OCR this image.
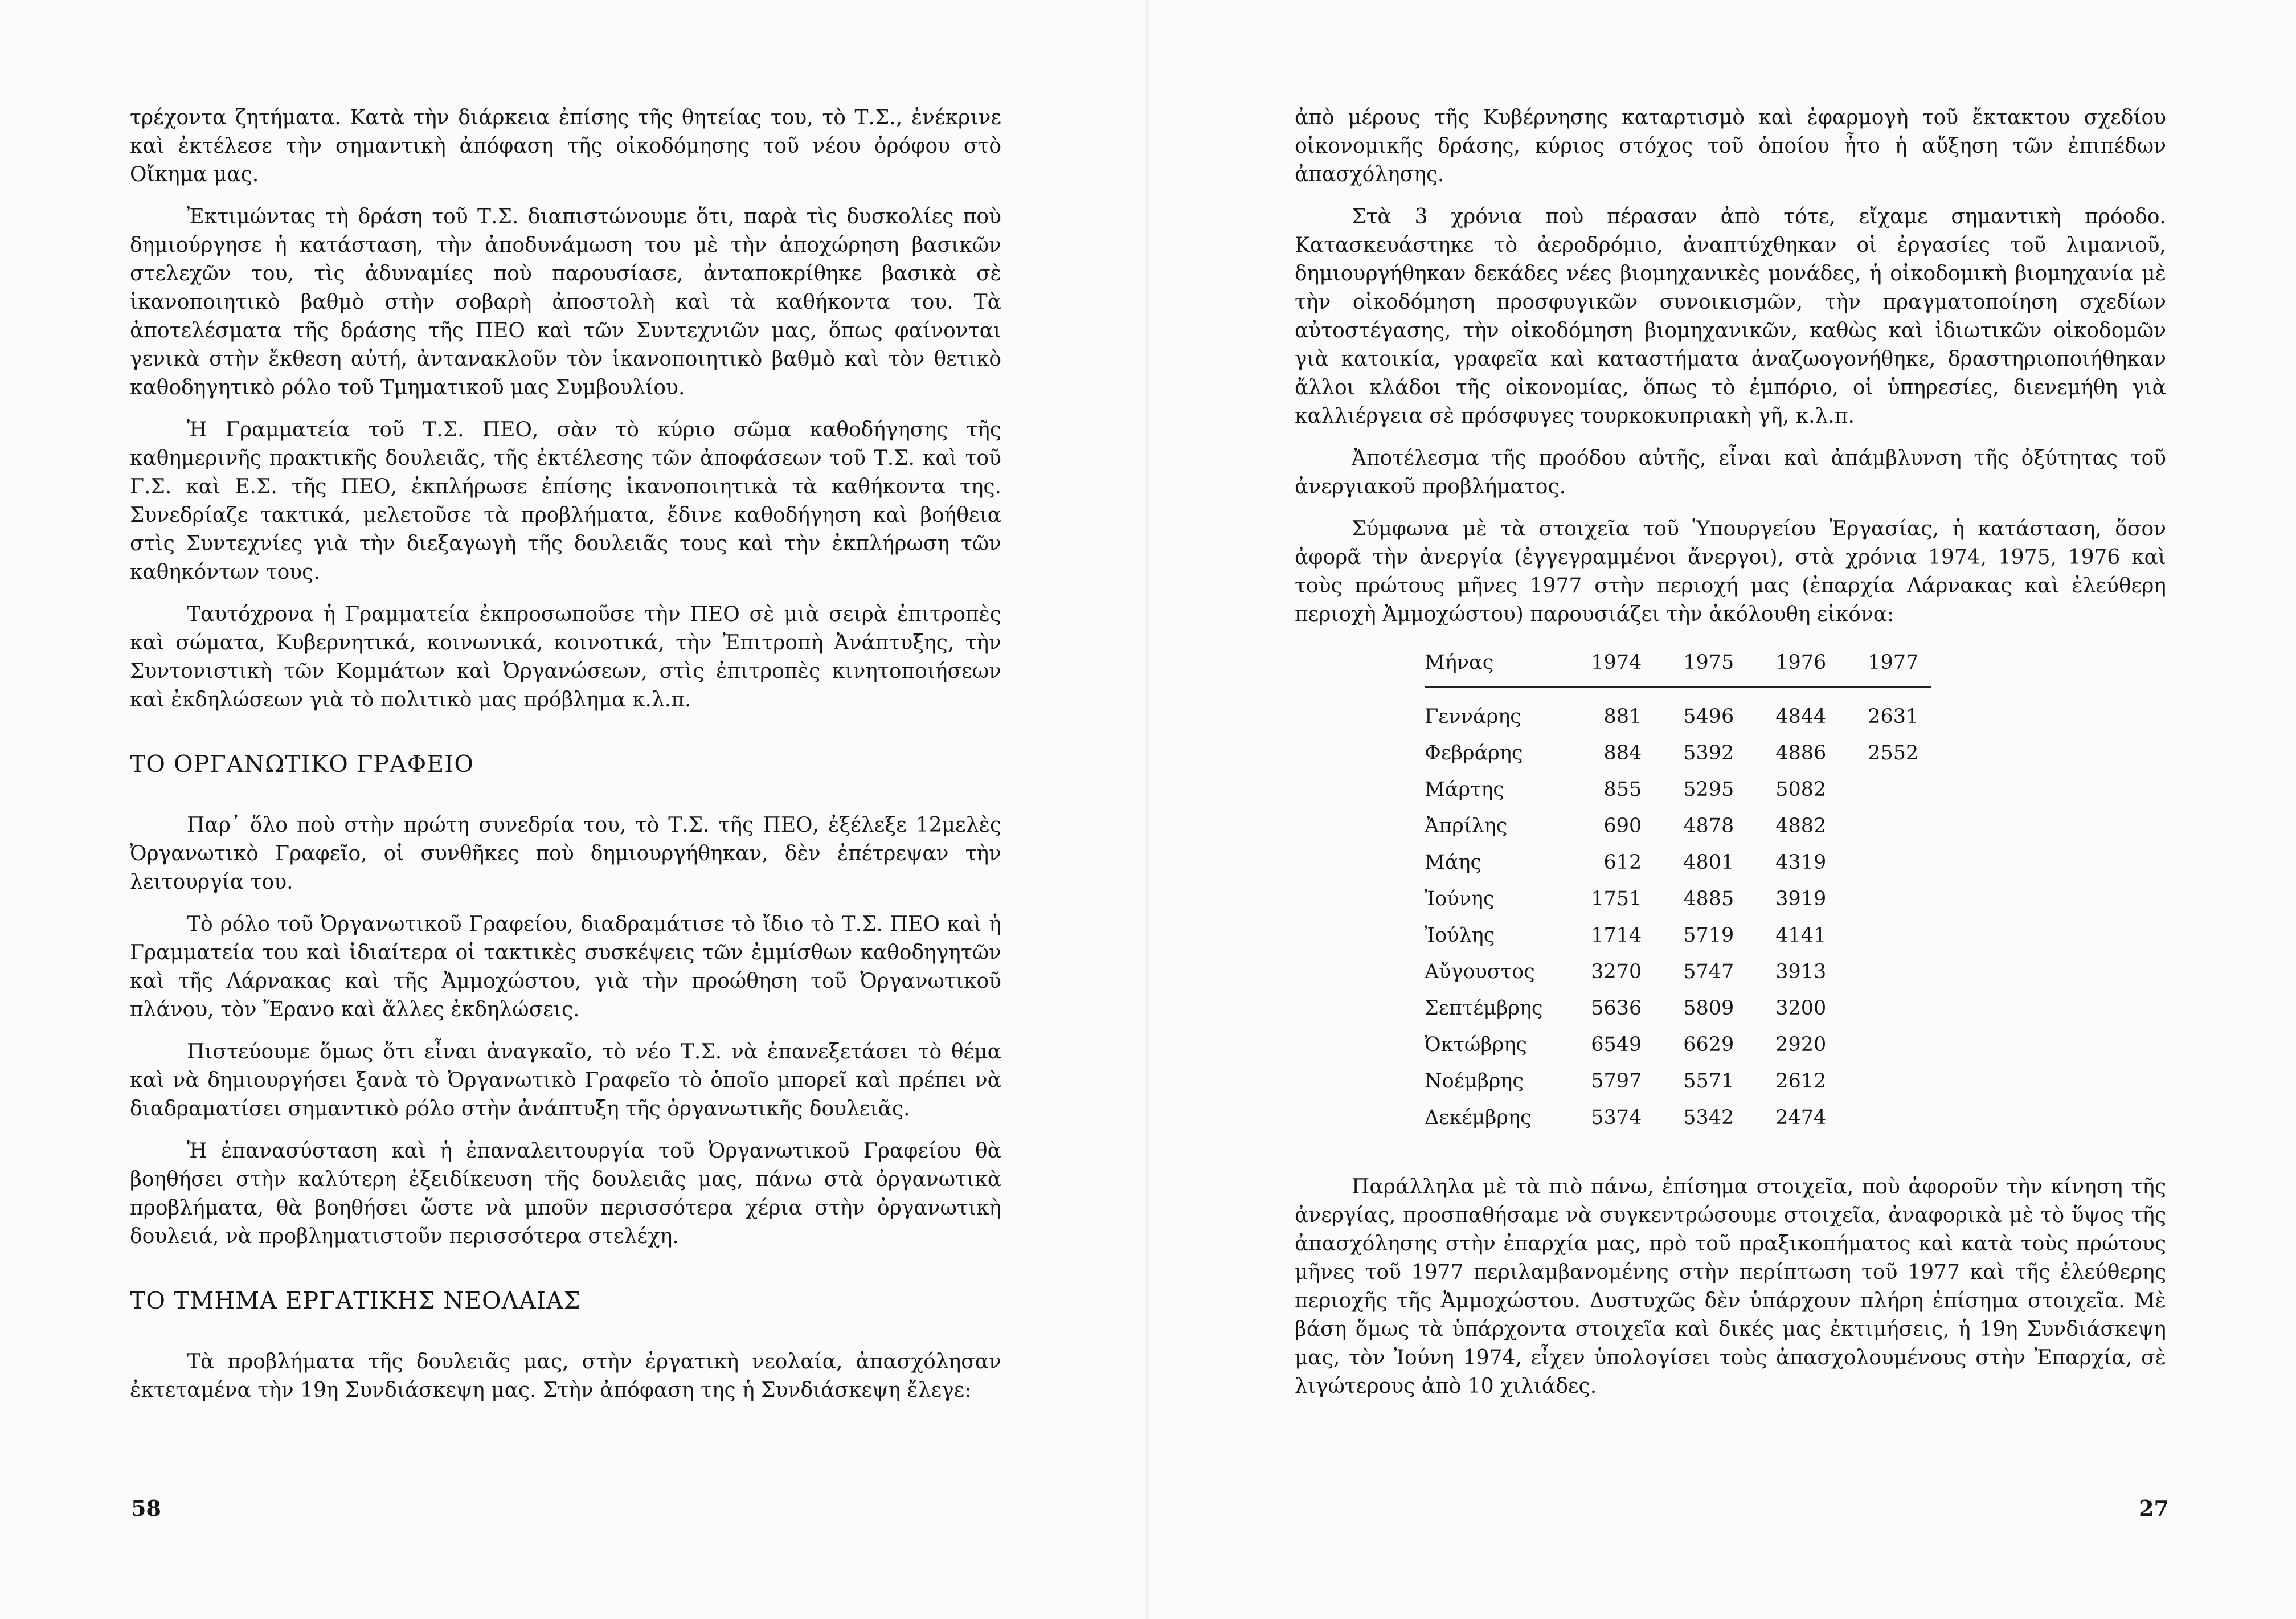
τρέχοντα ζητήματα. Κατὰ τὴν διάρκεια ἐπίσης τῆς θητείας του, τὸ Τ.Σ., ἐνέκρινε καὶ ἐκτέλεσε τὴν σημαντικὴ ἀπόφαση τῆς οἰκοδόμησης τοῦ νέου ὀρόφου στὸ Οἴκημα μας.

Ἐκτιμώντας τὴ δράση τοῦ Τ.Σ. διαπιστώνουμε ὅτι, παρὰ τὶς δυσκολίες ποὺ δημιούργησε ἡ κατάσταση, τὴν ἀποδυνάμωση του μὲ τὴν ἀποχώρηση βασικῶν στελεχῶν του, τὶς ἀδυναμίες ποὺ παρουσίασε, ἀνταποκρίθηκε βασικὰ σὲ ἱκανοποιητικὸ βαθμὸ στὴν σοβαρὴ ἀποστολὴ καὶ τὰ καθήκοντα του. Τὰ ἀποτελέσματα τῆς δράσης τῆς ΠΕΟ καὶ τῶν Συντεχνιῶν μας, ὅπως φαίνονται γενικὰ στὴν ἔκθεση αὐτή, ἀντανακλοῦν τὸν ἱκανοποιητικὸ βαθμὸ καὶ τὸν θετικὸ καθοδηγητικὸ ρόλο τοῦ Τμηματικοῦ μας Συμβουλίου.

Ἡ Γραμματεία τοῦ Τ.Σ. ΠΕΟ, σὰν τὸ κύριο σῶμα καθοδήγησης τῆς καθημερινῆς πρακτικῆς δουλειᾶς, τῆς ἐκτέλεσης τῶν ἀποφάσεων τοῦ Τ.Σ. καὶ τοῦ Γ.Σ. καὶ Ε.Σ. τῆς ΠΕΟ, ἐκπλήρωσε ἐπίσης ἱκανοποιητικὰ τὰ καθήκοντα της. Συνεδρίαζε τακτικά, μελετοῦσε τὰ προβλήματα, ἔδινε καθοδήγηση καὶ βοήθεια στὶς Συντεχνίες γιὰ τὴν διεξαγωγὴ τῆς δουλειᾶς τους καὶ τὴν ἐκπλήρωση τῶν καθηκόντων τους.

Ταυτόχρονα ἡ Γραμματεία ἐκπροσωποῦσε τὴν ΠΕΟ σὲ μιὰ σειρὰ ἐπιτροπὲς καὶ σώματα, Κυβερνητικά, κοινωνικά, κοινοτικά, τὴν Ἐπιτροπὴ Ἀνάπτυξης, τὴν Συντονιστικὴ τῶν Κομμάτων καὶ Ὀργανώσεων, στὶς ἐπιτροπὲς κινητοποιήσεων καὶ ἐκδηλώσεων γιὰ τὸ πολιτικὸ μας πρόβλημα κ.λ.π.

ΤΟ ΟΡΓΑΝΩΤΙΚΟ ΓΡΑΦΕΙΟ

Παρ᾽ ὅλο ποὺ στὴν πρώτη συνεδρία του, τὸ Τ.Σ. τῆς ΠΕΟ, ἐξέλεξε 12μελὲς Ὀργανωτικὸ Γραφεῖο, οἱ συνθῆκες ποὺ δημιουργήθηκαν, δὲν ἐπέτρεψαν τὴν λειτουργία του.

Τὸ ρόλο τοῦ Ὀργανωτικοῦ Γραφείου, διαδραμάτισε τὸ ἴδιο τὸ Τ.Σ. ΠΕΟ καὶ ἡ Γραμματεία του καὶ ἰδιαίτερα οἱ τακτικὲς συσκέψεις τῶν ἐμμίσθων καθοδηγητῶν καὶ τῆς Λάρνακας καὶ τῆς Ἀμμοχώστου, γιὰ τὴν προώθηση τοῦ Ὀργανωτικοῦ πλάνου, τὸν Ἔρανο καὶ ἄλλες ἐκδηλώσεις.

Πιστεύουμε ὅμως ὅτι εἶναι ἀναγκαῖο, τὸ νέο Τ.Σ. νὰ ἐπανεξετάσει τὸ θέμα καὶ νὰ δημιουργήσει ξανὰ τὸ Ὀργανωτικὸ Γραφεῖο τὸ ὁποῖο μπορεῖ καὶ πρέπει νὰ διαδραματίσει σημαντικὸ ρόλο στὴν ἀνάπτυξη τῆς ὀργανωτικῆς δουλειᾶς.

Ἡ ἐπανασύσταση καὶ ἡ ἐπαναλειτουργία τοῦ Ὀργανωτικοῦ Γραφείου θὰ βοηθήσει στὴν καλύτερη ἐξειδίκευση τῆς δουλειᾶς μας, πάνω στὰ ὀργανωτικὰ προβλήματα, θὰ βοηθήσει ὥστε νὰ μποῦν περισσότερα χέρια στὴν ὀργανωτικὴ δουλειά, νὰ προβληματιστοῦν περισσότερα στελέχη.

ΤΟ ΤΜΗΜΑ ΕΡΓΑΤΙΚΗΣ ΝΕΟΛΑΙΑΣ

Τὰ προβλήματα τῆς δουλειᾶς μας, στὴν ἐργατικὴ νεολαία, ἀπασχόλησαν ἐκτεταμένα τὴν 19η Συνδιάσκεψη μας. Στὴν ἀπόφαση της ἡ Συνδιάσκεψη ἔλεγε:

58

ἀπὸ μέρους τῆς Κυβέρνησης καταρτισμὸ καὶ ἐφαρμογὴ τοῦ ἔκτακτου σχεδίου οἰκονομικῆς δράσης, κύριος στόχος τοῦ ὁποίου ἦτο ἡ αὔξηση τῶν ἐπιπέδων ἀπασχόλησης.

Στὰ 3 χρόνια ποὺ πέρασαν ἀπὸ τότε, εἴχαμε σημαντικὴ πρόοδο. Κατασκευάστηκε τὸ ἀεροδρόμιο, ἀναπτύχθηκαν οἱ ἐργασίες τοῦ λιμανιοῦ, δημιουργήθηκαν δεκάδες νέες βιομηχανικὲς μονάδες, ἡ οἰκοδομικὴ βιομηχανία μὲ τὴν οἰκοδόμηση προσφυγικῶν συνοικισμῶν, τὴν πραγματοποίηση σχεδίων αὐτοστέγασης, τὴν οἰκοδόμηση βιομηχανικῶν, καθὼς καὶ ἰδιωτικῶν οἰκοδομῶν γιὰ κατοικία, γραφεῖα καὶ καταστήματα ἀναζωογονήθηκε, δραστηριοποιήθηκαν ἄλλοι κλάδοι τῆς οἰκονομίας, ὅπως τὸ ἐμπόριο, οἱ ὑπηρεσίες, διενεμήθη γιὰ καλλιέργεια σὲ πρόσφυγες τουρκοκυπριακὴ γῆ, κ.λ.π.

Ἀποτέλεσμα τῆς προόδου αὐτῆς, εἶναι καὶ ἀπάμβλυνση τῆς ὀξύτητας τοῦ ἀνεργιακοῦ προβλήματος.

Σύμφωνα μὲ τὰ στοιχεῖα τοῦ Ὑπουργείου Ἐργασίας, ἡ κατάσταση, ὅσον ἀφορᾶ τὴν ἀνεργία (ἐγγεγραμμένοι ἄνεργοι), στὰ χρόνια 1974, 1975, 1976 καὶ τοὺς πρώτους μῆνες 1977 στὴν περιοχή μας (ἐπαρχία Λάρνακας καὶ ἐλεύθερη περιοχὴ Ἀμμοχώστου) παρουσιάζει τὴν ἀκόλουθη εἰκόνα:

Μήνας	1974	1975	1976	1977
Γεννάρης	881	5496	4844	2631
Φεβράρης	884	5392	4886	2552
Μάρτης	855	5295	5082	
Ἀπρίλης	690	4878	4882	
Μάης	612	4801	4319	
Ἰούνης	1751	4885	3919	
Ἰούλης	1714	5719	4141	
Αὔγουστος	3270	5747	3913	
Σεπτέμβρης	5636	5809	3200	
Ὀκτώβρης	6549	6629	2920	
Νοέμβρης	5797	5571	2612	
Δεκέμβρης	5374	5342	2474	

Παράλληλα μὲ τὰ πιὸ πάνω, ἐπίσημα στοιχεῖα, ποὺ ἀφοροῦν τὴν κίνηση τῆς ἀνεργίας, προσπαθήσαμε νὰ συγκεντρώσουμε στοιχεῖα, ἀναφορικὰ μὲ τὸ ὕψος τῆς ἀπασχόλησης στὴν ἐπαρχία μας, πρὸ τοῦ πραξικοπήματος καὶ κατὰ τοὺς πρώτους μῆνες τοῦ 1977 περιλαμβανομένης στὴν περίπτωση τοῦ 1977 καὶ τῆς ἐλεύθερης περιοχῆς τῆς Ἀμμοχώστου. Δυστυχῶς δὲν ὑπάρχουν πλήρη ἐπίσημα στοιχεῖα. Μὲ βάση ὅμως τὰ ὑπάρχοντα στοιχεῖα καὶ δικές μας ἐκτιμήσεις, ἡ 19η Συνδιάσκεψη μας, τὸν Ἰούνη 1974, εἶχεν ὑπολογίσει τοὺς ἀπασχολουμένους στὴν Ἐπαρχία, σὲ λιγώτερους ἀπὸ 10 χιλιάδες.

27
